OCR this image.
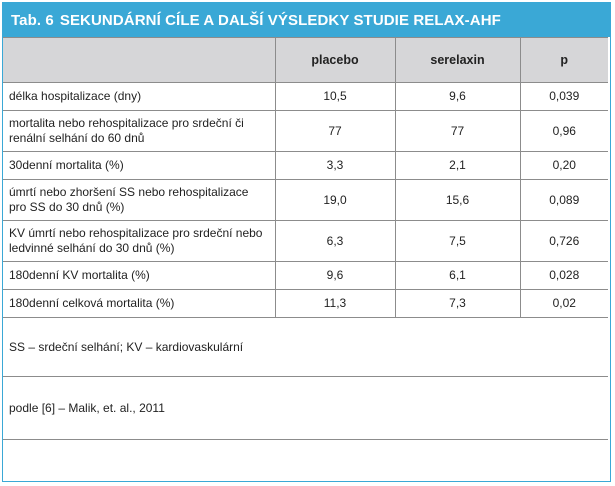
Tab. 6 SEKUNDÁRNÍ CÍLE A DALŠÍ VÝSLEDKY STUDIE RELAX-AHF
	placebo	serelaxin	p
délka hospitalizace (dny)	10,5	9,6	0,039
mortalita nebo rehospitalizace pro srdeční či renální selhání do 60 dnů	77	77	0,96
30denní mortalita (%)	3,3	2,1	0,20
úmrtí nebo zhoršení SS nebo rehospitalizace pro SS do 30 dnů (%)	19,0	15,6	0,089
KV úmrtí nebo rehospitalizace pro srdeční nebo ledvinné selhání do 30 dnů (%)	6,3	7,5	0,726
180denní KV mortalita (%)	9,6	6,1	0,028
180denní celková mortalita (%)	11,3	7,3	0,02
SS – srdeční selhání; KV – kardiovaskulární			
podle [6] – Malik, et. al., 2011			
